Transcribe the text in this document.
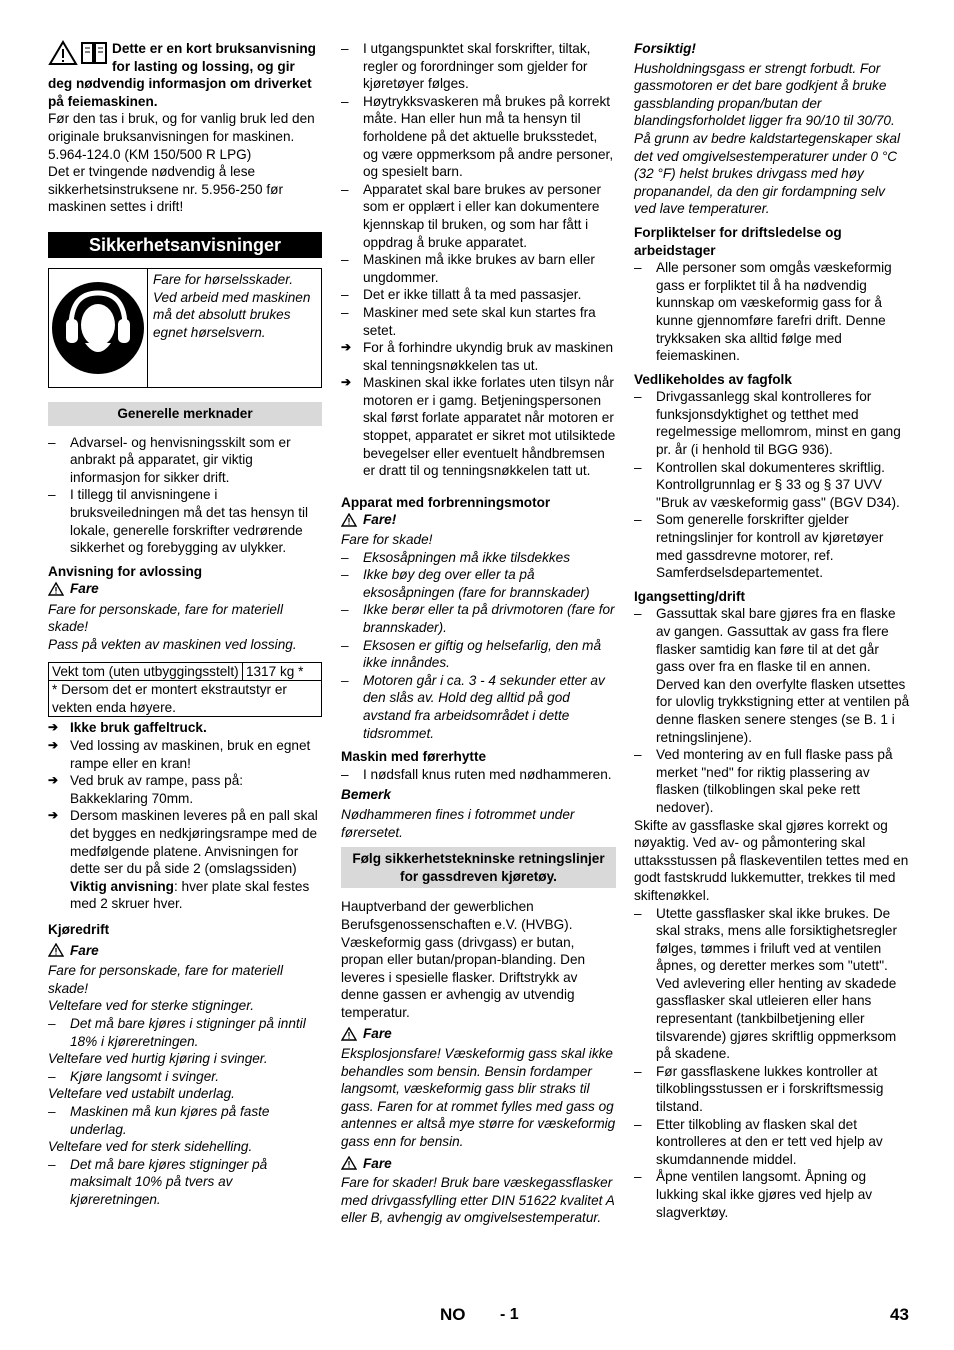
Dette er en kort bruksanvisning for lasting og lossing, og gir deg nødvendig informasjon om driverket på feiemaskinen.

Før den tas i bruk, og for vanlig bruk led den originale bruksanvisningen for maskinen.

5.964-124.0 (KM 150/500 R LPG)

Det er tvingende nødvendig å lese sikkerhetsinstruksene nr. 5.956-250 før maskinen settes i drift!

Sikkerhetsanvisninger
Fare for hørselsskader. Ved arbeid med maskinen må det absolutt brukes egnet hørselsvern.
Generelle merknader
– Advarsel- og henvisningsskilt som er anbrakt på apparatet, gir viktig informasjon for sikker drift.
– I tillegg til anvisningene i bruksveiledningen må det tas hensyn til lokale, generelle forskrifter vedrørende sikkerhet og forebygging av ulykker.

Anvisning for avlossing

Fare

Fare for personskade, fare for materiell skade!

Pass på vekten av maskinen ved lossing.

Vekt tom (uten utbyggingsstelt)	1317 kg *
* Dersom det er montert ekstrautstyr er vekten enda høyere.
➔ Ikke bruk gaffeltruck.
➔ Ved lossing av maskinen, bruk en egnet rampe eller en kran!
➔ Ved bruk av rampe, pass på: Bakkeklaring 70mm.
➔ Dersom maskinen leveres på en pall skal det bygges en nedkjøringsrampe med de medfølgende platene. Anvisningen for dette ser du på side 2 (omslagssiden)
Viktig anvisning: hver plate skal festes med 2 skruer hver.

Kjøredrift

Fare

Fare for personskade, fare for materiell skade!

Veltefare ved for sterke stigninger.

– Det må bare kjøres i stigninger på inntil 18% i kjøreretningen.

Veltefare ved hurtig kjøring i svinger.

– Kjøre langsomt i svinger.

Veltefare ved ustabilt underlag.

– Maskinen må kun kjøres på faste underlag.

Veltefare ved for sterk sidehelling.

– Det må bare kjøres stigninger på maksimalt 10% på tvers av kjøreretningen.
– I utgangspunktet skal forskrifter, tiltak, regler og forordninger som gjelder for kjøretøyer følges.
– Høytrykksvaskeren må brukes på korrekt måte. Han eller hun må ta hensyn til forholdene på det aktuelle bruksstedet, og være oppmerksom på andre personer, og spesielt barn.
– Apparatet skal bare brukes av personer som er opplært i eller kan dokumentere kjennskap til bruken, og som har fått i oppdrag å bruke apparatet.
– Maskinen må ikke brukes av barn eller ungdommer.
– Det er ikke tillatt å ta med passasjer.
– Maskiner med sete skal kun startes fra setet.
➔ For å forhindre ukyndig bruk av maskinen skal tenningsnøkkelen tas ut.
➔ Maskinen skal ikke forlates uten tilsyn når motoren er i gamg. Betjeningspersonen skal først forlate apparatet når motoren er stoppet, apparatet er sikret mot utilsiktede bevegelser eller eventuelt håndbremsen er dratt til og tenningsnøkkelen tatt ut.

Apparat med forbrenningsmotor

Fare!

Fare for skade!

– Eksosåpningen må ikke tilsdekkes
– Ikke bøy deg over eller ta på eksosåpningen (fare for brannskader)
– Ikke berør eller ta på drivmotoren (fare for brannskader).
– Eksosen er giftig og helsefarlig, den må ikke innåndes.
– Motoren går i ca. 3 - 4 sekunder etter av den slås av. Hold deg alltid på god avstand fra arbeidsområdet i dette tidsrommet.

Maskin med førerhytte

– I nødsfall knus ruten med nødhammeren.

Bemerk

Nødhammeren fines i fotrommet under førersetet.

Følg sikkerhetstekninske retningslinjer for gassdreven kjøretøy.

Hauptverband der gewerblichen Berufsgenossenschaften e.V. (HVBG). Væskeformig gass (drivgass) er butan, propan eller butan/propan-blanding. Den leveres i spesielle flasker. Driftstrykk av denne gassen er avhengig av utvendig temperatur.

Fare

Eksplosjonsfare! Væskeformig gass skal ikke behandles som bensin. Bensin fordamper langsomt, væskeformig gass blir straks til gass. Faren for at rommet fylles med gass og antennes er altså mye større for væskeformig gass enn for bensin.

Fare

Fare for skader! Bruk bare væskegassflasker med drivgassfylling etter DIN 51622 kvalitet A eller B, avhengig av omgivelsestemperatur.

Forsiktig!

Husholdningsgass er strengt forbudt. For gassmotoren er det bare godkjent å bruke gassblanding propan/butan der blandingsforholdet ligger fra 90/10 til 30/70. På grunn av bedre kaldstartegenskaper skal det ved omgivelsestemperaturer under 0 °C (32 °F) helst brukes drivgass med høy propanandel, da den gir fordampning selv ved lave temperaturer.

Forpliktelser for driftsledelse og arbeidstager

– Alle personer som omgås væskeformig gass er forpliktet til å ha nødvendig kunnskap om væskeformig gass for å kunne gjennomføre farefri drift. Denne trykksaken ska alltid følge med feiemaskinen.

Vedlikeholdes av fagfolk

– Drivgassanlegg skal kontrolleres for funksjonsdyktighet og tetthet med regelmessige mellomrom, minst en gang pr. år (i henhold til BGG 936).
– Kontrollen skal dokumenteres skriftlig. Kontrollgrunnlag er § 33 og § 37 UVV "Bruk av væskeformig gass" (BGV D34).
– Som generelle forskrifter gjelder retningslinjer for kontroll av kjøretøyer med gassdrevne motorer, ref. Samferdselsdepartementet.

Igangsetting/drift

– Gassuttak skal bare gjøres fra en flaske av gangen. Gassuttak av gass fra flere flasker samtidig kan føre til at det går gass over fra en flaske til en annen. Derved kan den overfylte flasken utsettes for ulovlig trykkstigning etter at ventilen på denne flasken senere stenges (se B. 1 i retningslinjene).
– Ved montering av en full flaske pass på merket "ned" for riktig plassering av flasken (tilkoblingen skal peke rett nedover).

Skifte av gassflaske skal gjøres korrekt og nøyaktig. Ved av- og påmontering skal uttaksstussen på flaskeventilen tettes med en godt fastskrudd lukkemutter, trekkes til med skiftenøkkel.

– Utette gassflasker skal ikke brukes. De skal straks, mens alle forsiktighetsregler følges, tømmes i friluft ved at ventilen åpnes, og deretter merkes som "utett". Ved avlevering eller henting av skadede gassflasker skal utleieren eller hans representant (tankbilbetjening eller tilsvarende) gjøres skriftlig oppmerksom på skadene.
– Før gassflaskene lukkes kontroller at tilkoblingsstussen er i forskriftsmessig tilstand.
– Etter tilkobling av flasken skal det kontrolleres at den er tett ved hjelp av skumdannende middel.
– Åpne ventilen langsomt. Åpning og lukking skal ikke gjøres ved hjelp av slagverktøy.
NO - 1	43
